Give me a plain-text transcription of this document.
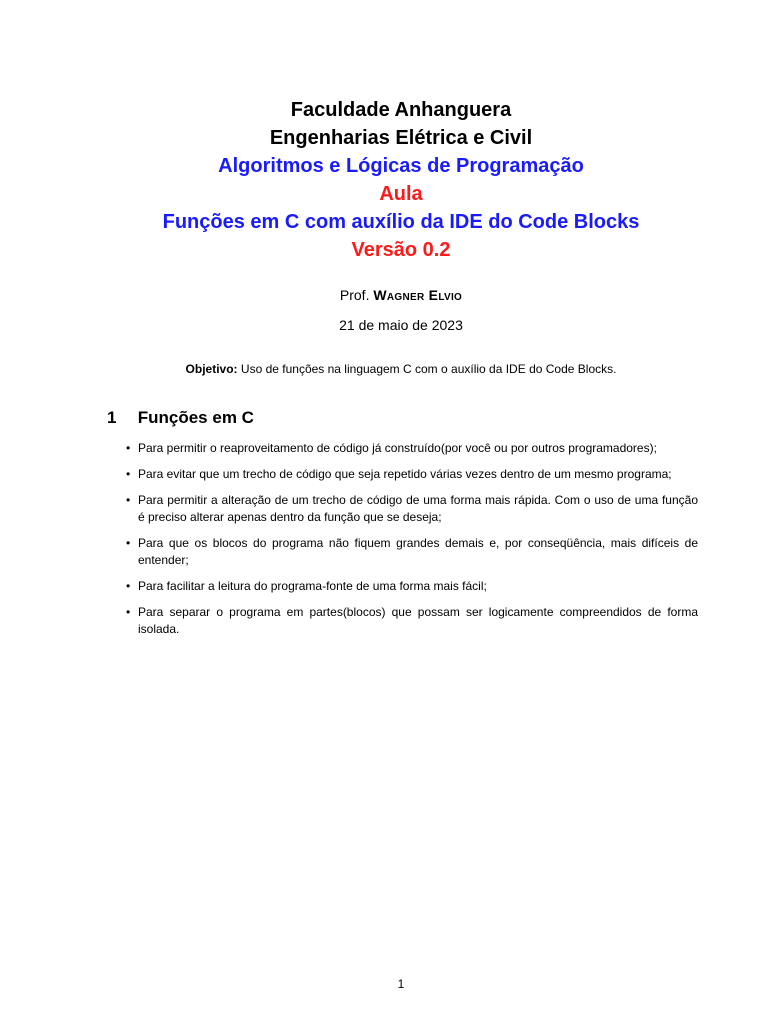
Faculdade Anhanguera
Engenharias Elétrica e Civil
Algoritmos e Lógicas de Programação
Aula
Funções em C com auxílio da IDE do Code Blocks
Versão 0.2
Prof. Wagner Elvio
21 de maio de 2023
Objetivo: Uso de funções na linguagem C com o auxílio da IDE do Code Blocks.
1 Funções em C
• Para permitir o reaproveitamento de código já construído(por você ou por outros programadores);
• Para evitar que um trecho de código que seja repetido várias vezes dentro de um mesmo programa;
• Para permitir a alteração de um trecho de código de uma forma mais rápida. Com o uso de uma função é preciso alterar apenas dentro da função que se deseja;
• Para que os blocos do programa não fiquem grandes demais e, por conseqüência, mais difíceis de entender;
• Para facilitar a leitura do programa-fonte de uma forma mais fácil;
• Para separar o programa em partes(blocos) que possam ser logicamente compreendidos de forma isolada.
1
